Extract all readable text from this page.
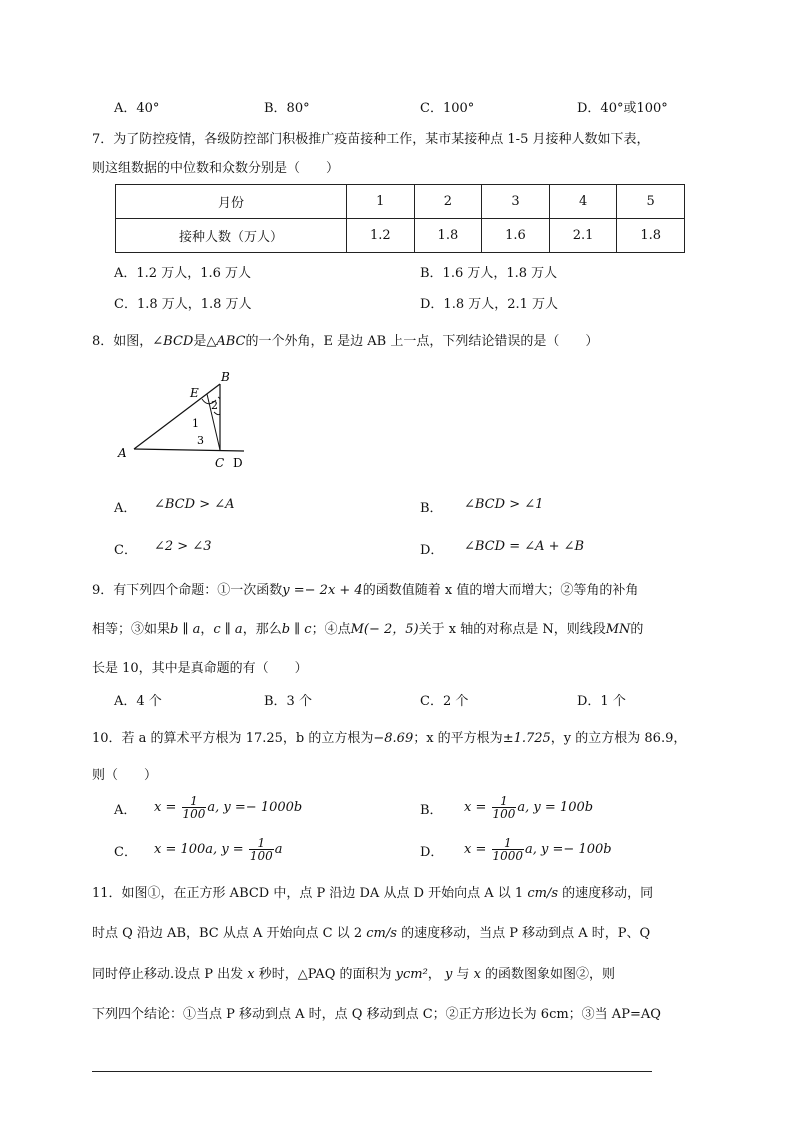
A．40°	B．80°	C．100°	D．40°或100°
7．为了防控疫情，各级防控部门积极推广疫苗接种工作，某市某接种点 1-5 月接种人数如下表，
则这组数据的中位数和众数分别是（　　）
月份	1	2	3	4	5
接种人数（万人）	1.2	1.8	1.6	2.1	1.8
A．1.2 万人，1.6 万人	B．1.6 万人，1.8 万人
C．1.8 万人，1.8 万人	D．1.8 万人，2.1 万人
8．如图，∠BCD是△ABC的一个外角，E 是边 AB 上一点，下列结论错误的是（　　）
A
B
E
C D
1
2
3
A． ∠BCD > ∠A	B． ∠BCD > ∠1
C． ∠2 > ∠3	D． ∠BCD = ∠A + ∠B
9．有下列四个命题：①一次函数y =− 2x + 4的函数值随着 x 值的增大而增大；②等角的补角
相等；③如果b ∥ a，c ∥ a，那么b ∥ c；④点M(− 2，5)关于 x 轴的对称点是 N，则线段MN的
长是 10，其中是真命题的有（　　）
A．4 个	B．3 个	C．2 个	D．1 个
10．若 a 的算术平方根为 17.25，b 的立方根为−8.69；x 的平方根为±1.725，y 的立方根为 86.9，
则（　　）
A． $x = \frac{1}{100} a$, y =− 1000b	B． $x = \frac{1}{100} a$, y = 100b
C． x = 100a, $y = \frac{1}{100}$ a	D． $x = \frac{1}{1000} a$, y =− 100b
11．如图①，在正方形 ABCD 中，点 P 沿边 DA 从点 D 开始向点 A 以 1 cm/s 的速度移动，同
时点 Q 沿边 AB，BC 从点 A 开始向点 C 以 2 cm/s 的速度移动，当点 P 移动到点 A 时，P、Q
同时停止移动.设点 P 出发 x 秒时，△PAQ 的面积为 ycm²， y 与 x 的函数图象如图②，则
下列四个结论：①当点 P 移动到点 A 时，点 Q 移动到点 C；②正方形边长为 6cm；③当 AP=AQ
